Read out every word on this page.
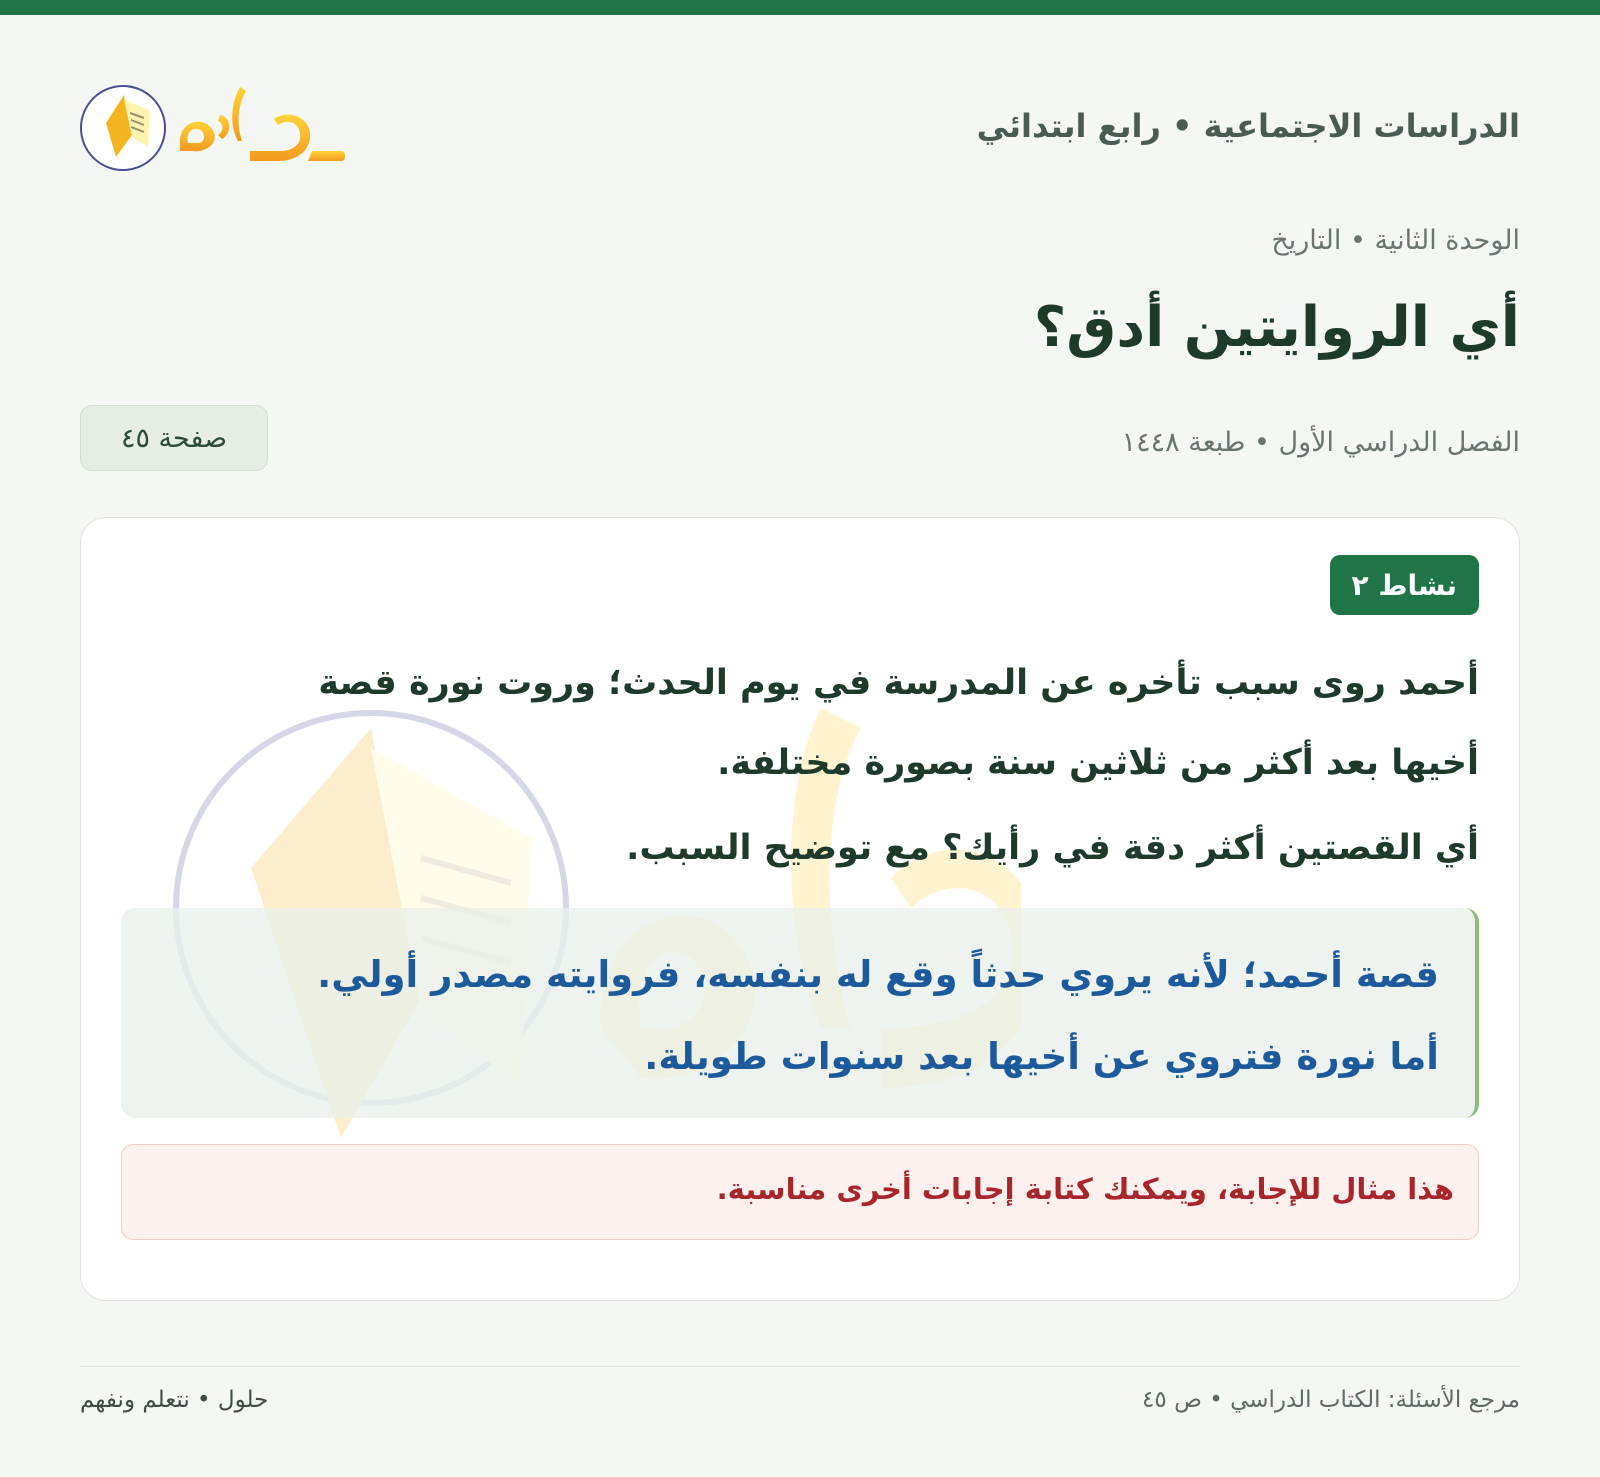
الدراسات الاجتماعية • رابع ابتدائي
الوحدة الثانية • التاريخ
أي الروايتين أدق؟
الفصل الدراسي الأول • طبعة ١٤٤٨
صفحة ٤٥
نشاط ٢

أحمد روى سبب تأخره عن المدرسة في يوم الحدث؛ وروت نورة قصة
أخيها بعد أكثر من ثلاثين سنة بصورة مختلفة.

أي القصتين أكثر دقة في رأيك؟ مع توضيح السبب.

قصة أحمد؛ لأنه يروي حدثاً وقع له بنفسه، فروايته مصدر أولي.
أما نورة فتروي عن أخيها بعد سنوات طويلة.

هذا مثال للإجابة، ويمكنك كتابة إجابات أخرى مناسبة.
مرجع الأسئلة: الكتاب الدراسي • ص ٤٥
حلول • نتعلم ونفهم
